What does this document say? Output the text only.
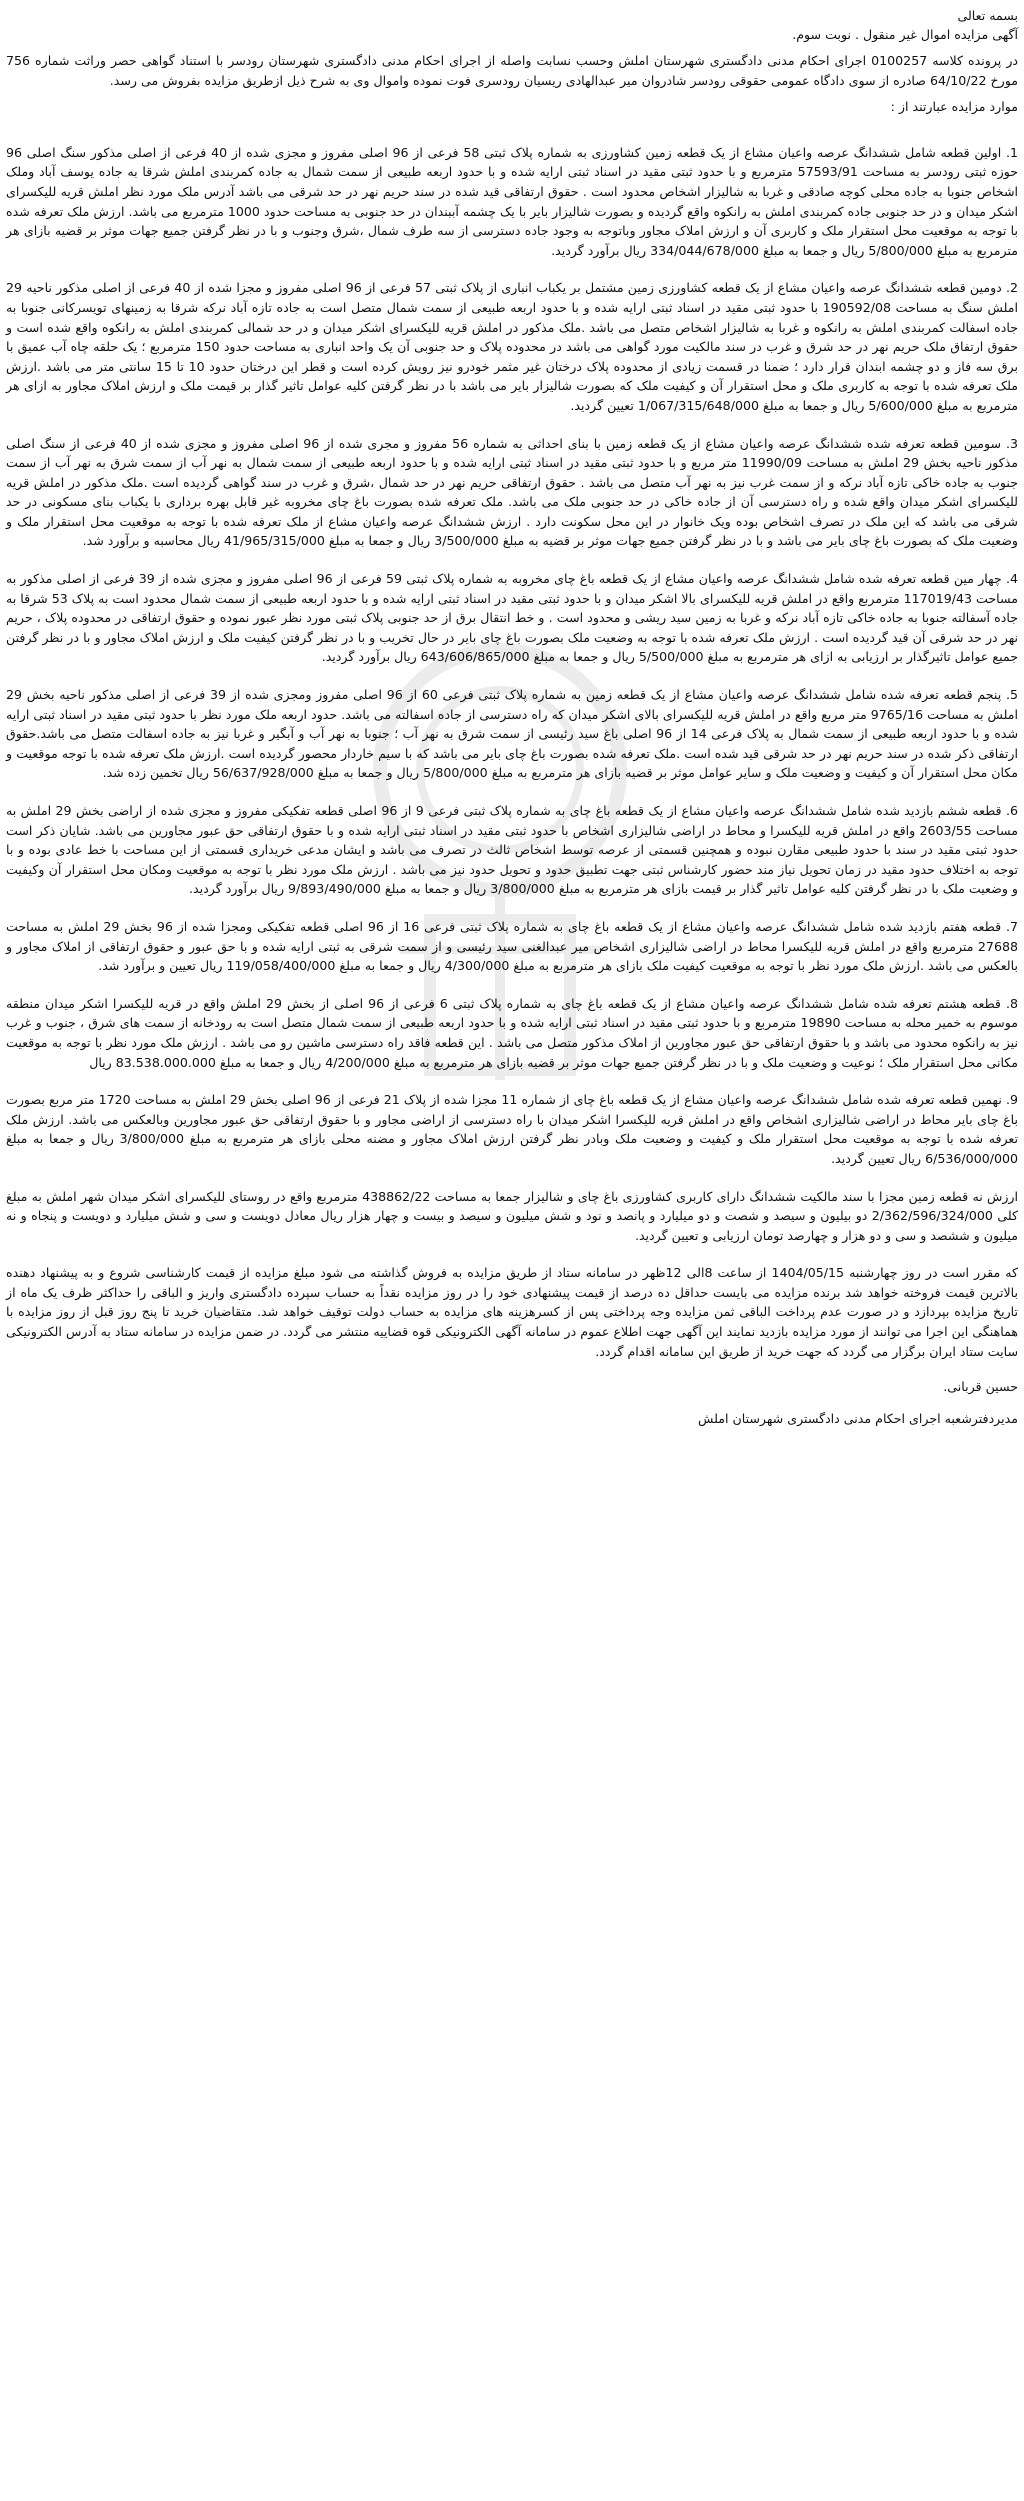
بسمه تعالی

آگهی مزایده اموال غیر منقول . نوبت سوم.

در پرونده کلاسه 0100257 اجرای احکام مدنی دادگستری شهرستان املش وحسب نسابت واصله از اجرای احکام مدنی دادگستری شهرستان رودسر با استناد گواهی حصر وراثت شماره 756 مورخ 64/10/22 صادره از سوی دادگاه عمومی حقوقی رودسر شادروان میر عبدالهادی ریسیان رودسری فوت نموده واموال وی به شرح ذیل ازطریق مزایده بفروش می رسد.

موارد مزایده عبارتند از :

1. اولین قطعه شامل ششدانگ عرصه واعیان مشاع از یک قطعه زمین کشاورزی به شماره پلاک ثبتی 58 فرعی از 96 اصلی مفروز و مجزی شده از 40 فرعی از اصلی مذکور سنگ اصلی 96 حوزه ثبتی رودسر به مساحت 57593/91 مترمربع و با حدود ثبتی مقید در اسناد ثبتی ارایه شده و با حدود اربعه طبیعی از سمت شمال به جاده کمربندی املش شرقا به جاده یوسف آباد وملک اشخاص جنوبا به جاده محلی کوچه صادقی و غربا به شالیزار اشخاص محدود است . حقوق ارتفاقی قید شده در سند حریم نهر در حد شرقی می باشد آدرس ملک مورد نظر املش قریه للیکسرای اشکر میدان و در حد جنوبی جاده کمربندی املش به رانکوه واقع گردیده و بصورت شالیزار بایر با یک چشمه آببندان در حد جنوبی به مساحت حدود 1000 مترمربع می باشد. ارزش ملک تعرفه شده با توجه به موقعیت محل استقرار ملک و کاربری آن و ارزش املاک مجاور وباتوجه به وجود جاده دسترسی از سه طرف شمال ،شرق وجنوب و با در نظر گرفتن جمیع جهات موثر بر قضیه بازای هر مترمربع به مبلغ 5/800/000 ریال و جمعا به مبلغ 334/044/678/000 ریال برآورد گردید.
2. دومین قطعه ششدانگ عرصه واعیان مشاع از یک قطعه کشاورزی زمین مشتمل بر یکباب انباری از پلاک ثبتی 57 فرعی از 96 اصلی مفروز و مجزا شده از 40 فرعی از اصلی مذکور ناحیه 29 املش سنگ به مساحت 190592/08 با حدود ثبتی مقید در اسناد ثبتی ارایه شده و با حدود اربعه طبیعی از سمت شمال متصل است به جاده تازه آباد نرکه شرقا به زمینهای تویسرکانی جنوبا به جاده اسفالت کمربندی املش به رانکوه و غربا به شالیزار اشخاص متصل می باشد .ملک مذکور در املش قریه للیکسرای اشکر میدان و در حد شمالی کمربندی املش به رانکوه واقع شده است و حقوق ارتفاق ملک حریم نهر در حد شرق و غرب در سند مالکیت مورد گواهی می باشد در محدوده پلاک و حد جنوبی آن یک واحد انباری به مساحت حدود 150 مترمربع ؛ یک حلقه چاه آب عمیق با برق سه فاز و دو چشمه ابندان قرار دارد ؛ ضمنا در قسمت زیادی از محدوده پلاک درختان غیر مثمر خودرو نیز رویش کرده است و قطر این درختان حدود 10 تا 15 سانتی متر می باشد .ارزش ملک تعرفه شده با توجه به کاربری ملک و محل استقرار آن و کیفیت ملک که بصورت شالیزار بایر می باشد با در نظر گرفتن کلیه عوامل تاثیر گذار بر قیمت ملک و ارزش املاک مجاور به ازای هر مترمربع به مبلغ 5/600/000 ریال و جمعا به مبلغ 1/067/315/648/000 تعیین گردید.
3. سومین قطعه تعرفه شده ششدانگ عرصه واعیان مشاع از یک قطعه زمین با بنای احداثی به شماره 56 مفروز و مجری شده از 96 اصلی مفروز و مجزی شده از 40 فرعی از سنگ اصلی مذکور ناحیه بخش 29 املش به مساحت 11990/09 متر مربع و با حدود ثبتی مقید در اسناد ثبتی ارایه شده و با حدود اربعه طبیعی از سمت شمال به نهر آب از سمت شرق به نهر آب از سمت جنوب به جاده خاکی تازه آباد نرکه و از سمت غرب نیز به نهر آب متصل می باشد . حقوق ارتفاقی حریم نهر در حد شمال ،شرق و غرب در سند گواهی گردیده است .ملک مذکور در املش قریه للیکسرای اشکر میدان واقع شده و راه دسترسی آن از جاده خاکی در حد جنوبی ملک می باشد. ملک تعرفه شده بصورت باغ چای مخروبه غیر قابل بهره برداری با یکباب بنای مسکونی در حد شرقی می باشد که این ملک در تصرف اشخاص بوده ویک خانوار در این محل سکونت دارد . ارزش ششدانگ عرصه واعیان مشاع از ملک تعرفه شده با توجه به موقعیت محل استقرار ملک و وضعیت ملک که بصورت باغ چای بایر می باشد و با در نظر گرفتن جمیع جهات موثر بر قضیه به مبلغ 3/500/000 ریال و جمعا به مبلغ 41/965/315/000 ریال محاسبه و برآورد شد.
4. چهار مین قطعه تعرفه شده شامل ششدانگ عرصه واعیان مشاع از یک قطعه باغ چای مخروبه به شماره پلاک ثبتی 59 فرعی از 96 اصلی مفروز و مجزی شده از 39 فرعی از اصلی مذکور به مساحت 117019/43 مترمربع واقع در املش قریه للیکسرای بالا اشکر میدان و با حدود ثبتی مقید در اسناد ثبتی ارایه شده و با حدود اربعه طبیعی از سمت شمال محدود است به پلاک 53 شرقا به جاده آسفالته جنوبا به جاده خاکی تازه آباد نرکه و غربا به زمین سید ریشی و محدود است . و خط انتقال برق از حد جنوبی پلاک ثبتی مورد نظر عبور نموده و حقوق ارتفاقی در محدوده پلاک ، حریم نهر در حد شرقی آن قید گردیده است . ارزش ملک تعرفه شده با توجه به وضعیت ملک بصورت باغ چای بایر در حال تخریب و با در نظر گرفتن کیفیت ملک و ارزش املاک مجاور و با در نظر گرفتن جمیع عوامل تاثیرگذار بر ارزیابی به ازای هر مترمربع به مبلغ 5/500/000 ریال و جمعا به مبلغ 643/606/865/000 ریال برآورد گردید.
5. پنجم قطعه تعرفه شده شامل ششدانگ عرصه واعیان مشاع از یک قطعه زمین به شماره پلاک ثبتی فرعی 60 از 96 اصلی مفروز ومجزی شده از 39 فرعی از اصلی مذکور ناحیه بخش 29 املش به مساحت 9765/16 متر مربع واقع در املش قریه للیکسرای بالای اشکر میدان که راه دسترسی از جاده اسفالته می باشد. حدود اربعه ملک مورد نظر با حدود ثبتی مقید در اسناد ثبتی ارایه شده و با حدود اربعه طبیعی از سمت شمال به پلاک فرعی 14 از 96 اصلی باغ سید رئیسی از سمت شرق به نهر آب ؛ جنوبا به نهر آب و آبگیر و غربا نیز به جاده اسفالت متصل می باشد.حقوق ارتفاقی ذکر شده در سند حریم نهر در حد شرقی قید شده است .ملک تعرفه شده بصورت باغ چای بایر می باشد که با سیم خاردار محصور گردیده است .ارزش ملک تعرفه شده با توجه موقعیت و مکان محل استقرار آن و کیفیت و وضعیت ملک و سایر عوامل موثر بر قضیه بازای هر مترمربع به مبلغ 5/800/000 ریال و جمعا به مبلغ 56/637/928/000 ریال تخمین زده شد.
6. قطعه ششم بازدید شده شامل ششدانگ عرصه واعیان مشاع از یک قطعه باغ چای به شماره پلاک ثبتی فرعی 9 از 96 اصلی قطعه تفکیکی مفروز و مجزی شده از اراضی بخش 29 املش به مساحت 2603/55 واقع در املش قریه للیکسرا و محاط در اراضی شالیزاری اشخاص با حدود ثبتی مقید در اسناد ثبتی ارایه شده و با حقوق ارتفاقی حق عبور مجاورین می باشد. شایان ذکر است حدود ثبتی مقید در سند با حدود طبیعی مقارن نبوده و همچنین قسمتی از عرصه توسط اشخاص ثالث در تصرف می باشد و ایشان مدعی خریداری قسمتی از این مساحت با خط عادی بوده و با توجه به اختلاف حدود مقید در زمان تحویل نیاز مند حضور کارشناس ثبتی جهت تطبیق حدود و تحویل حدود نیز می باشد . ارزش ملک مورد نظر با توجه به موقعیت ومکان محل استقرار آن وکیفیت و وضعیت ملک با در نظر گرفتن کلیه عوامل تاثیر گذار بر قیمت بازای هر مترمربع به مبلغ 3/800/000 ریال و جمعا به مبلغ 9/893/490/000 ریال برآورد گردید.
7. قطعه هفتم بازدید شده شامل ششدانگ عرصه واعیان مشاع از یک قطعه باغ چای به شماره پلاک ثبتی فرعی 16 از 96 اصلی قطعه تفکیکی ومجزا شده از 96 بخش 29 املش به مساحت 27688 مترمربع واقع در املش قریه للیکسرا محاط در اراضی شالیزاری اشخاص میر عبدالغنی سید رئیسی و از سمت شرقی به ثبتی ارایه شده و با حق عبور و حقوق ارتفاقی از املاک مجاور و بالعکس می باشد .ارزش ملک مورد نظر با توجه به موقعیت کیفیت ملک بازای هر مترمربع به مبلغ 4/300/000 ریال و جمعا به مبلغ 119/058/400/000 ریال تعیین و برآورد شد.
8. قطعه هشتم تعرفه شده شامل ششدانگ عرصه واعیان مشاع از یک قطعه باغ چای به شماره پلاک ثبتی 6 فرعی از 96 اصلی از بخش 29 املش واقع در قریه للیکسرا اشکر میدان منطقه موسوم به خمیر محله به مساحت 19890 مترمربع و با حدود ثبتی مقید در اسناد ثبتی ارایه شده و با حدود اربعه طبیعی از سمت شمال متصل است به رودخانه از سمت های شرق ، جنوب و غرب نیز به رانکوه محدود می باشد و با حقوق ارتفاقی حق عبور مجاورین از املاک مذکور متصل می باشد . این قطعه فاقد راه دسترسی ماشین رو می باشد . ارزش ملک مورد نظر با توجه به موقعیت مکانی محل استقرار ملک ؛ نوعیت و وضعیت ملک و با در نظر گرفتن جمیع جهات موثر بر قضیه بازای هر مترمربع به مبلغ 4/200/000 ریال و جمعا به مبلغ 83.538.000.000 ریال
9. نهمین قطعه تعرفه شده شامل ششدانگ عرصه واعیان مشاع از یک قطعه باغ چای از شماره 11 مجزا شده از پلاک 21 فرعی از 96 اصلی بخش 29 املش به مساحت 1720 متر مربع بصورت باغ چای بایر محاط در اراضی شالیزاری اشخاص واقع در املش قریه للیکسرا اشکر میدان با راه دسترسی از اراضی مجاور و با حقوق ارتفاقی حق عبور مجاورین وبالعکس می باشد. ارزش ملک تعرفه شده با توجه به موقعیت محل استقرار ملک و کیفیت و وضعیت ملک وبادر نظر گرفتن ارزش املاک مجاور و مضنه محلی بازای هر مترمربع به مبلغ 3/800/000 ریال و جمعا به مبلغ 6/536/000/000 ریال تعیین گردید.

ارزش نه قطعه زمین مجزا با سند مالکیت ششدانگ دارای کاربری کشاورزی باغ چای و شالیزار جمعا به مساحت 438862/22 مترمربع واقع در روستای للیکسرای اشکر میدان شهر املش به مبلغ کلی 2/362/596/324/000 دو بیلیون و سیصد و شصت و دو میلیارد و پانصد و نود و شش میلیون و سیصد و بیست و چهار هزار ریال معادل دویست و سی و شش میلیارد و دویست و پنجاه و نه میلیون و ششصد و سی و دو هزار و چهارصد تومان ارزیابی و تعیین گردید.

که مقرر است در روز چهارشنبه 1404/05/15 از ساعت 8الی 12ظهر در سامانه ستاد از طریق مزایده به فروش گذاشته می شود مبلغ مزایده از قیمت کارشناسی شروع و به پیشنهاد دهنده بالاترین قیمت فروخته خواهد شد برنده مزایده می بایست حداقل ده درصد از قیمت پیشنهادی خود را در روز مزایده نقداً به حساب سپرده دادگستری واریز و الباقی را حداکثر ظرف یک ماه از تاریخ مزایده بپردازد و در صورت عدم پرداخت الباقی ثمن مزایده وجه پرداختی پس از کسرهزینه های مزایده به حساب دولت توقیف خواهد شد. متقاضیان خرید تا پنج روز قبل از روز مزایده با هماهنگی این اجرا می توانند از مورد مزایده بازدید نمایند این آگهی جهت اطلاع عموم در سامانه آگهی الکترونیکی قوه قضاییه منتشر می گردد. در ضمن مزایده در سامانه ستاد به آدرس الکترونیکی سایت ستاد ایران برگزار می گردد که جهت خرید از طریق این سامانه اقدام گردد.

حسین قربانی.

مدیردفترشعبه اجرای احکام مدنی دادگستری شهرستان املش
